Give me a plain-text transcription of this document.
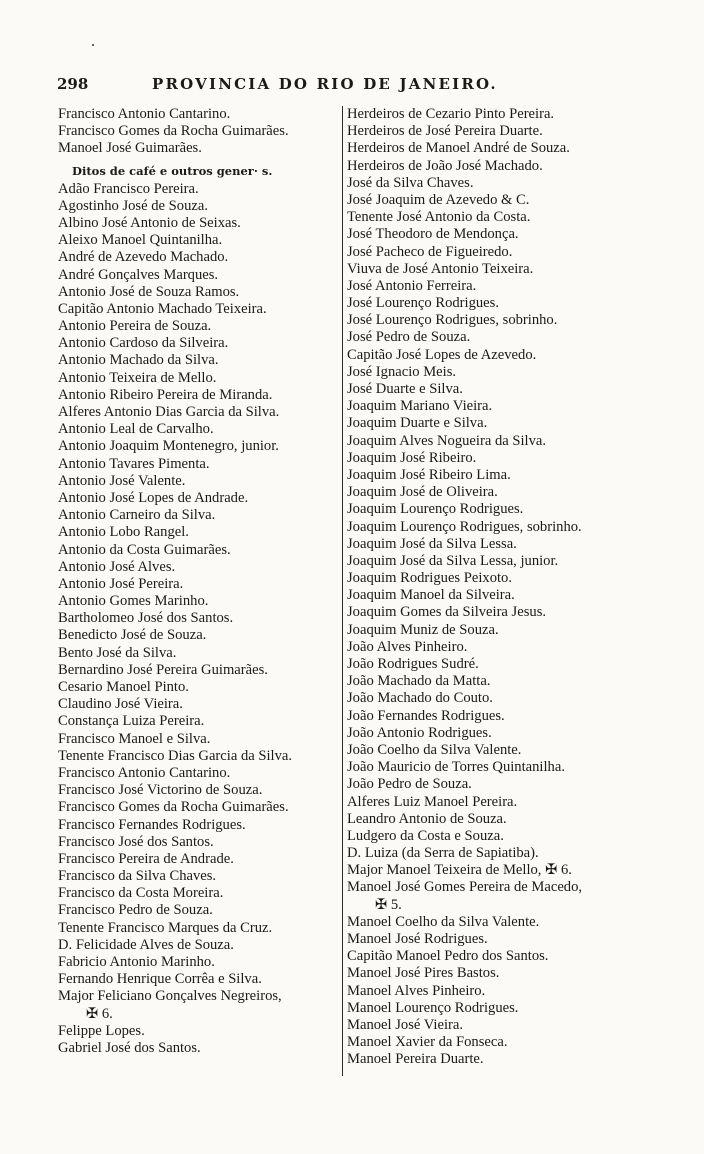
298	PROVINCIA DO RIO DE JANEIRO.
Francisco Antonio Cantarino.
Francisco Gomes da Rocha Guimarães.
Manoel José Guimarães.
Ditos de café e outros gener· s.
Adão Francisco Pereira.
Agostinho José de Souza.
Albino José Antonio de Seixas.
Aleixo Manoel Quintanilha.
André de Azevedo Machado.
André Gonçalves Marques.
Antonio José de Souza Ramos.
Capitão Antonio Machado Teixeira.
Antonio Pereira de Souza.
Antonio Cardoso da Silveira.
Antonio Machado da Silva.
Antonio Teixeira de Mello.
Antonio Ribeiro Pereira de Miranda.
Alferes Antonio Dias Garcia da Silva.
Antonio Leal de Carvalho.
Antonio Joaquim Montenegro, junior.
Antonio Tavares Pimenta.
Antonio José Valente.
Antonio José Lopes de Andrade.
Antonio Carneiro da Silva.
Antonio Lobo Rangel.
Antonio da Costa Guimarães.
Antonio José Alves.
Antonio José Pereira.
Antonio Gomes Marinho.
Bartholomeo José dos Santos.
Benedicto José de Souza.
Bento José da Silva.
Bernardino José Pereira Guimarães.
Cesario Manoel Pinto.
Claudino José Vieira.
Constança Luiza Pereira.
Francisco Manoel e Silva.
Tenente Francisco Dias Garcia da Silva.
Francisco Antonio Cantarino.
Francisco José Victorino de Souza.
Francisco Gomes da Rocha Guimarães.
Francisco Fernandes Rodrigues.
Francisco José dos Santos.
Francisco Pereira de Andrade.
Francisco da Silva Chaves.
Francisco da Costa Moreira.
Francisco Pedro de Souza.
Tenente Francisco Marques da Cruz.
D. Felicidade Alves de Souza.
Fabricio Antonio Marinho.
Fernando Henrique Corrêa e Silva.
Major Feliciano Gonçalves Negreiros,
✠ 6.
Felippe Lopes.
Gabriel José dos Santos.
Herdeiros de Cezario Pinto Pereira.
Herdeiros de José Pereira Duarte.
Herdeiros de Manoel André de Souza.
Herdeiros de João José Machado.
José da Silva Chaves.
José Joaquim de Azevedo & C.
Tenente José Antonio da Costa.
José Theodoro de Mendonça.
José Pacheco de Figueiredo.
Viuva de José Antonio Teixeira.
José Antonio Ferreira.
José Lourenço Rodrigues.
José Lourenço Rodrigues, sobrinho.
José Pedro de Souza.
Capitão José Lopes de Azevedo.
José Ignacio Meis.
José Duarte e Silva.
Joaquim Mariano Vieira.
Joaquim Duarte e Silva.
Joaquim Alves Nogueira da Silva.
Joaquim José Ribeiro.
Joaquim José Ribeiro Lima.
Joaquim José de Oliveira.
Joaquim Lourenço Rodrigues.
Joaquim Lourenço Rodrigues, sobrinho.
Joaquim José da Silva Lessa.
Joaquim José da Silva Lessa, junior.
Joaquim Rodrigues Peixoto.
Joaquim Manoel da Silveira.
Joaquim Gomes da Silveira Jesus.
Joaquim Muniz de Souza.
João Alves Pinheiro.
João Rodrigues Sudré.
João Machado da Matta.
João Machado do Couto.
João Fernandes Rodrigues.
João Antonio Rodrigues.
João Coelho da Silva Valente.
João Mauricio de Torres Quintanilha.
João Pedro de Souza.
Alferes Luiz Manoel Pereira.
Leandro Antonio de Souza.
Ludgero da Costa e Souza.
D. Luiza (da Serra de Sapiatiba).
Major Manoel Teixeira de Mello, ✠ 6.
Manoel José Gomes Pereira de Macedo,
✠ 5.
Manoel Coelho da Silva Valente.
Manoel José Rodrigues.
Capitão Manoel Pedro dos Santos.
Manoel José Pires Bastos.
Manoel Alves Pinheiro.
Manoel Lourenço Rodrigues.
Manoel José Vieira.
Manoel Xavier da Fonseca.
Manoel Pereira Duarte.
